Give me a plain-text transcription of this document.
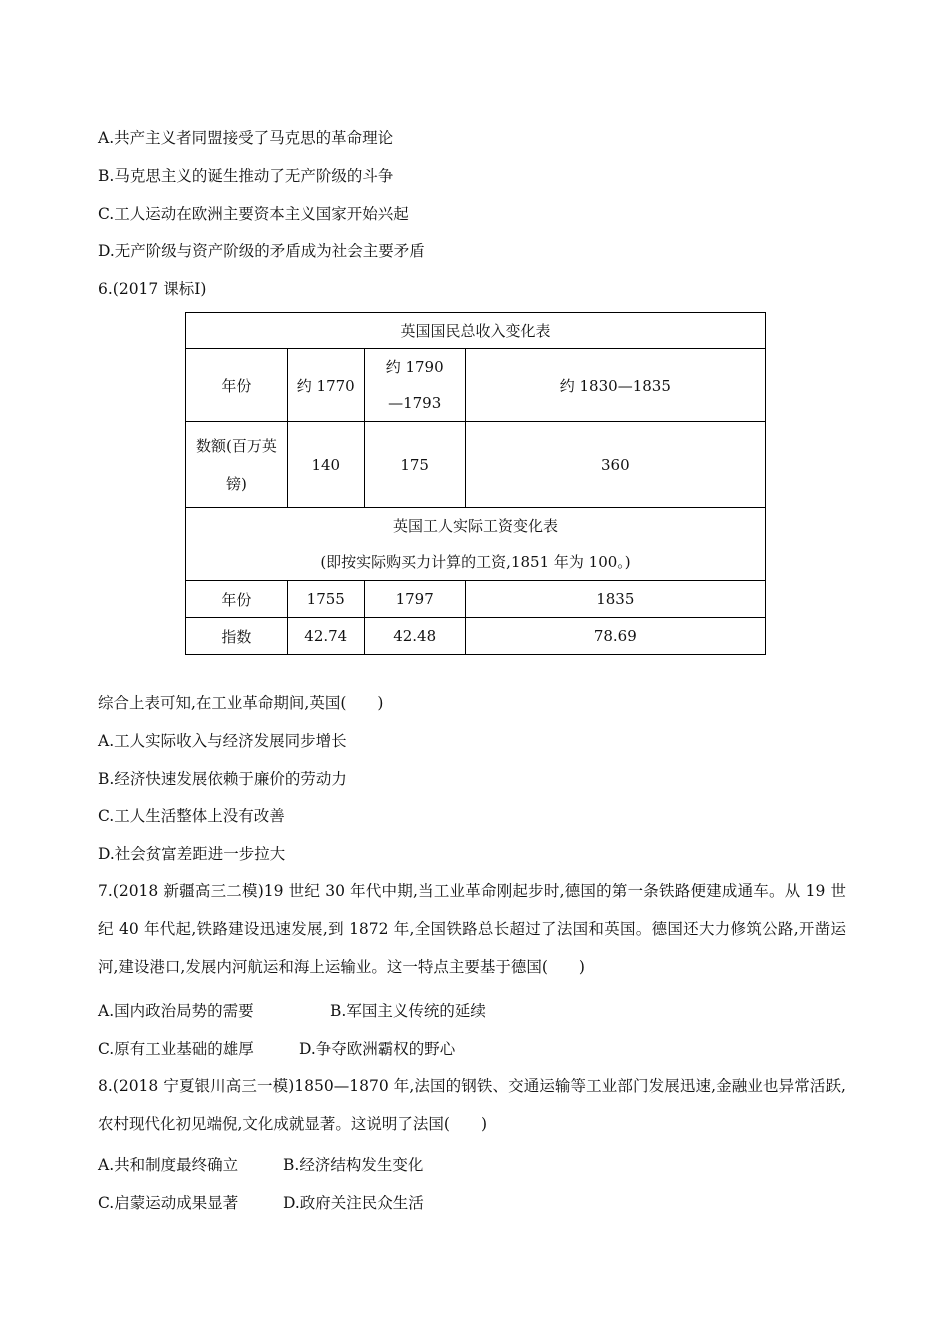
A.共产主义者同盟接受了马克思的革命理论
B.马克思主义的诞生推动了无产阶级的斗争
C.工人运动在欧洲主要资本主义国家开始兴起
D.无产阶级与资产阶级的矛盾成为社会主要矛盾
6.(2017 课标Ⅰ)
英国国民总收入变化表			
年份	约 1770	约 1790—1793	约 1830—1835
数额(百万英镑)	140	175	360

英国工人实际工资变化表
(即按实际购买力计算的工资,1851 年为 100。)			

年份	1755	1797	1835
指数	42.74	42.48	78.69
综合上表可知,在工业革命期间,英国(　　)
A.工人实际收入与经济发展同步增长
B.经济快速发展依赖于廉价的劳动力
C.工人生活整体上没有改善
D.社会贫富差距进一步拉大
7.(2018 新疆高三二模)19 世纪 30 年代中期,当工业革命刚起步时,德国的第一条铁路便建成通车。从 19 世纪 40 年代起,铁路建设迅速发展,到 1872 年,全国铁路总长超过了法国和英国。德国还大力修筑公路,开凿运河,建设港口,发展内河航运和海上运输业。这一特点主要基于德国(　　)
A.国内政治局势的需要	B.军国主义传统的延续
C.原有工业基础的雄厚	D.争夺欧洲霸权的野心
8.(2018 宁夏银川高三一模)1850—1870 年,法国的钢铁、交通运输等工业部门发展迅速,金融业也异常活跃,农村现代化初见端倪,文化成就显著。这说明了法国(　　)
A.共和制度最终确立	B.经济结构发生变化
C.启蒙运动成果显著	D.政府关注民众生活
